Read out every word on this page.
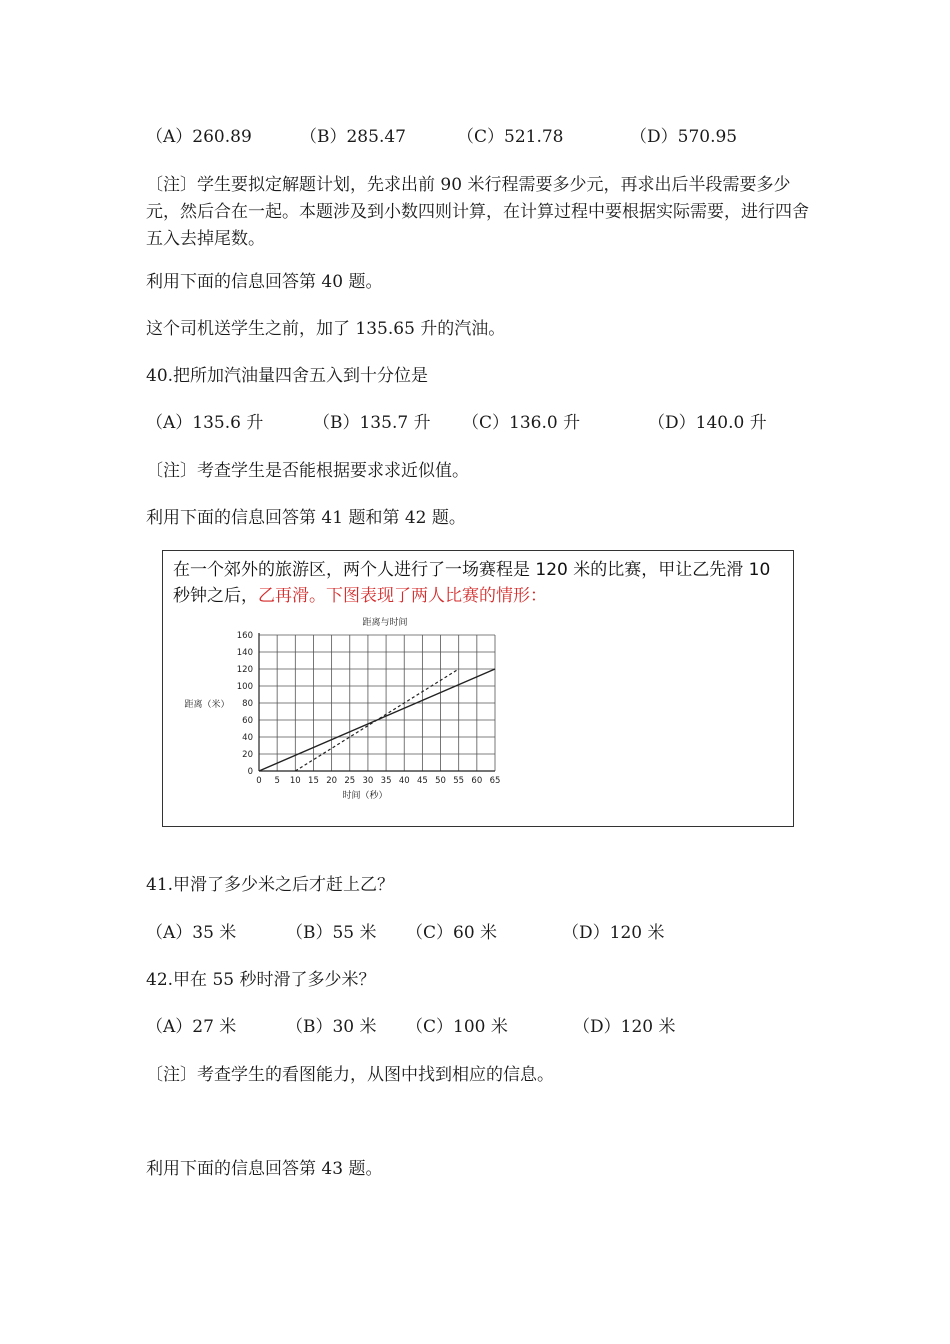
（A）260.89	（B）285.47	（C）521.78	（D）570.95
〔注〕学生要拟定解题计划，先求出前 90 米行程需要多少元，再求出后半段需要多少元，然后合在一起。本题涉及到小数四则计算，在计算过程中要根据实际需要，进行四舍五入去掉尾数。
利用下面的信息回答第 40 题。
这个司机送学生之前，加了 135.65 升的汽油。
40.把所加汽油量四舍五入到十分位是
（A）135.6 升	（B）135.7 升 （C）136.0 升	（D）140.0 升
〔注〕考查学生是否能根据要求求近似值。
利用下面的信息回答第 41 题和第 42 题。
在一个郊外的旅游区，两个人进行了一场赛程是 120 米的比赛，甲让乙先滑 10 秒钟之后，乙再滑。下图表现了两人比赛的情形：
0 5 10 15 20 25 30 35 40 45 50 55 60 65
0
20
40
60
80
100
120
140
160
距离与时间
时间（秒）
距离（米）
41.甲滑了多少米之后才赶上乙？
（A）35 米	（B）55 米 （C）60 米	（D）120 米
42.甲在 55 秒时滑了多少米？
（A）27 米	（B）30 米 （C）100 米	（D）120 米
〔注〕考查学生的看图能力，从图中找到相应的信息。
利用下面的信息回答第 43 题。
